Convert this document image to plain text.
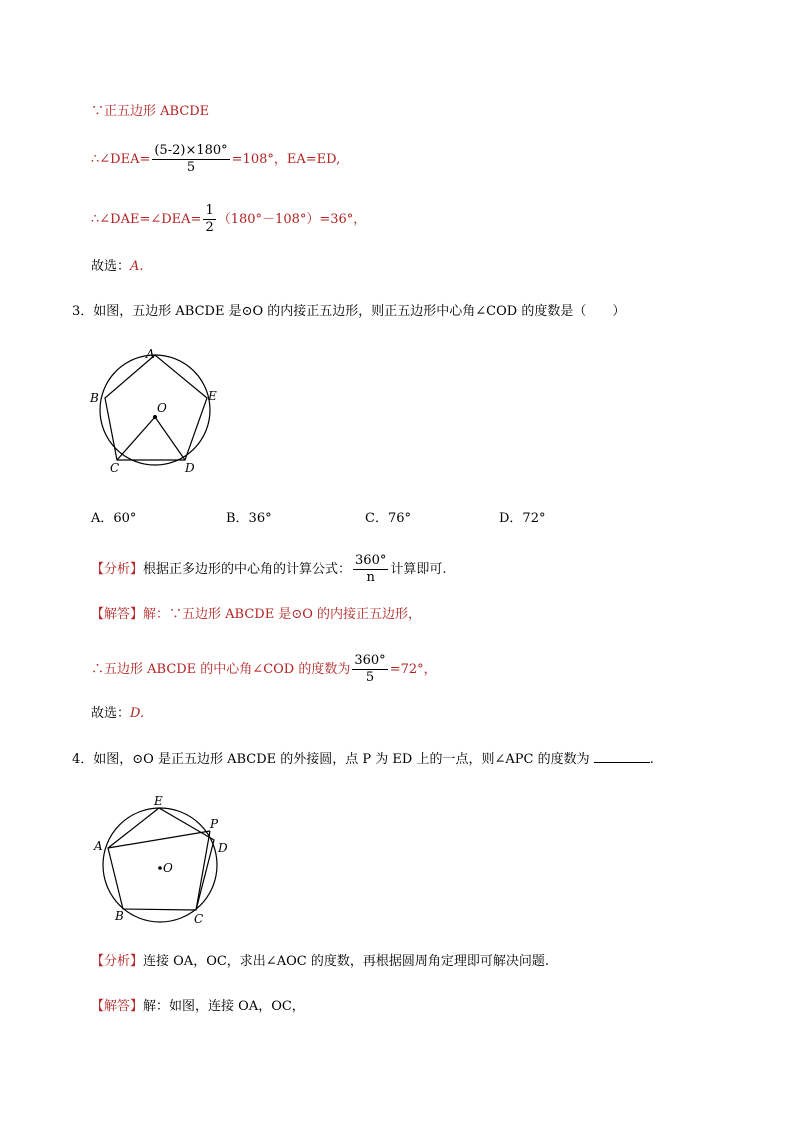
∵正五边形 ABCDE
∴∠DEA= $\frac{(5-2)\times 180^\circ}{5} =108^\circ$，EA=ED,
∴∠DAE=∠DEA= $\frac{1}{2} (180^\circ-108^\circ)=36^\circ$，
故选：A.
3．如图，五边形 ABCDE 是⊙O 的内接正五边形，则正五边形中心角∠COD 的度数是（　　）
A
B
C	D
E
O
A．60°	B．36°	C．76°	D．72°
【分析】根据正多边形的中心角的计算公式： $\frac{360^\circ}{n}$ 计算即可.
【解答】解：∵五边形 ABCDE 是⊙O 的内接正五边形，
∴五边形 ABCDE 的中心角∠COD 的度数为 $\frac{360^\circ}{5} =72^\circ$，
故选：D.
4．如图，⊙O 是正五边形 ABCDE 的外接圆，点 P 为 ED 上的一点，则∠APC 的度数为	.
A
B	C
D
E
P
O
【分析】连接 OA，OC，求出∠AOC 的度数，再根据圆周角定理即可解决问题.
【解答】解：如图，连接 OA，OC，
